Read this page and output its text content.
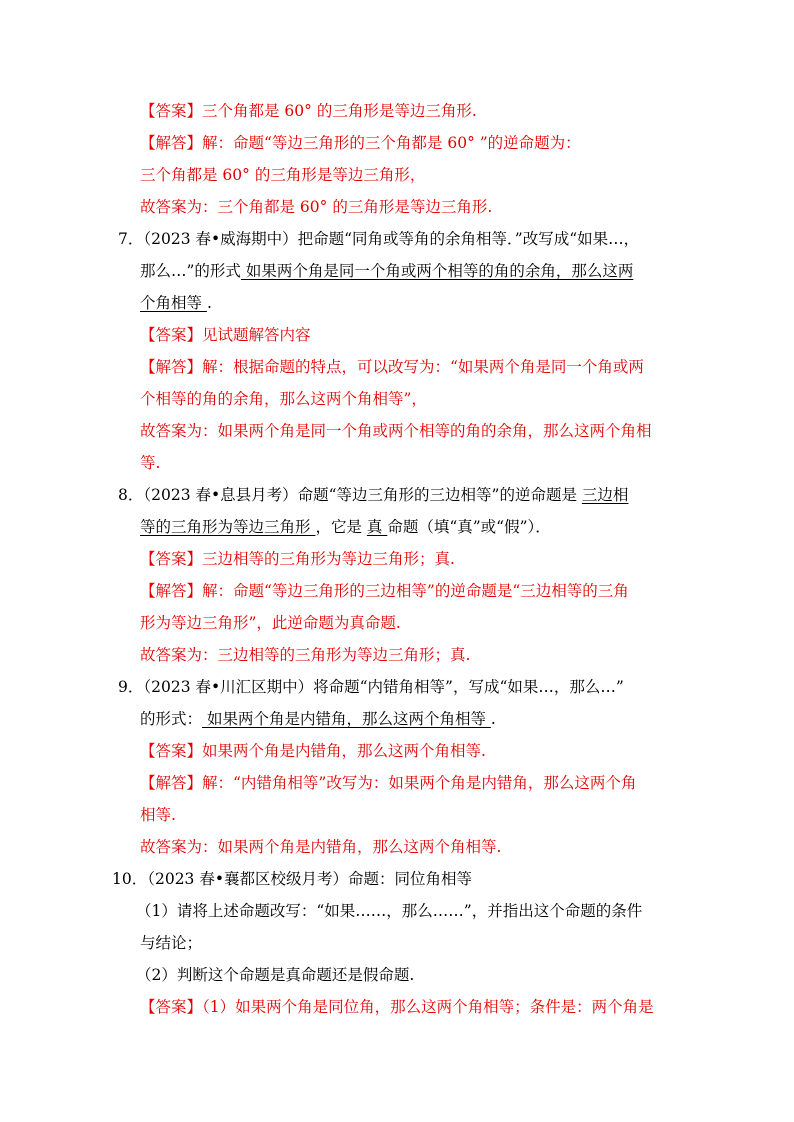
【答案】三个角都是 60° 的三角形是等边三角形.
【解答】解：命题“等边三角形的三个角都是 60° ”的逆命题为：
三个角都是 60° 的三角形是等边三角形，
故答案为：三个角都是 60° 的三角形是等边三角形.
7．（2023 春•威海期中）把命题“同角或等角的余角相等．”改写成“如果…，
那么…”的形式 如果两个角是同一个角或两个相等的角的余角，那么这两
个角相等 .
【答案】见试题解答内容
【解答】解：根据命题的特点，可以改写为：“如果两个角是同一个角或两
个相等的角的余角，那么这两个角相等”，
故答案为：如果两个角是同一个角或两个相等的角的余角，那么这两个角相
等.
8．（2023 春•息县月考）命题“等边三角形的三边相等”的逆命题是 三边相
等的三角形为等边三角形 ，它是 真 命题（填“真”或“假”）．
【答案】三边相等的三角形为等边三角形；真.
【解答】解：命题“等边三角形的三边相等”的逆命题是“三边相等的三角
形为等边三角形”，此逆命题为真命题.
故答案为：三边相等的三角形为等边三角形；真.
9．（2023 春•川汇区期中）将命题“内错角相等”，写成“如果…，那么…”
的形式： 如果两个角是内错角，那么这两个角相等 .
【答案】如果两个角是内错角，那么这两个角相等.
【解答】解：“内错角相等”改写为：如果两个角是内错角，那么这两个角
相等.
故答案为：如果两个角是内错角，那么这两个角相等.
10．（2023 春•襄都区校级月考）命题：同位角相等
（1）请将上述命题改写：“如果……，那么……”，并指出这个命题的条件
与结论；
（2）判断这个命题是真命题还是假命题.
【答案】（1）如果两个角是同位角，那么这两个角相等；条件是：两个角是
